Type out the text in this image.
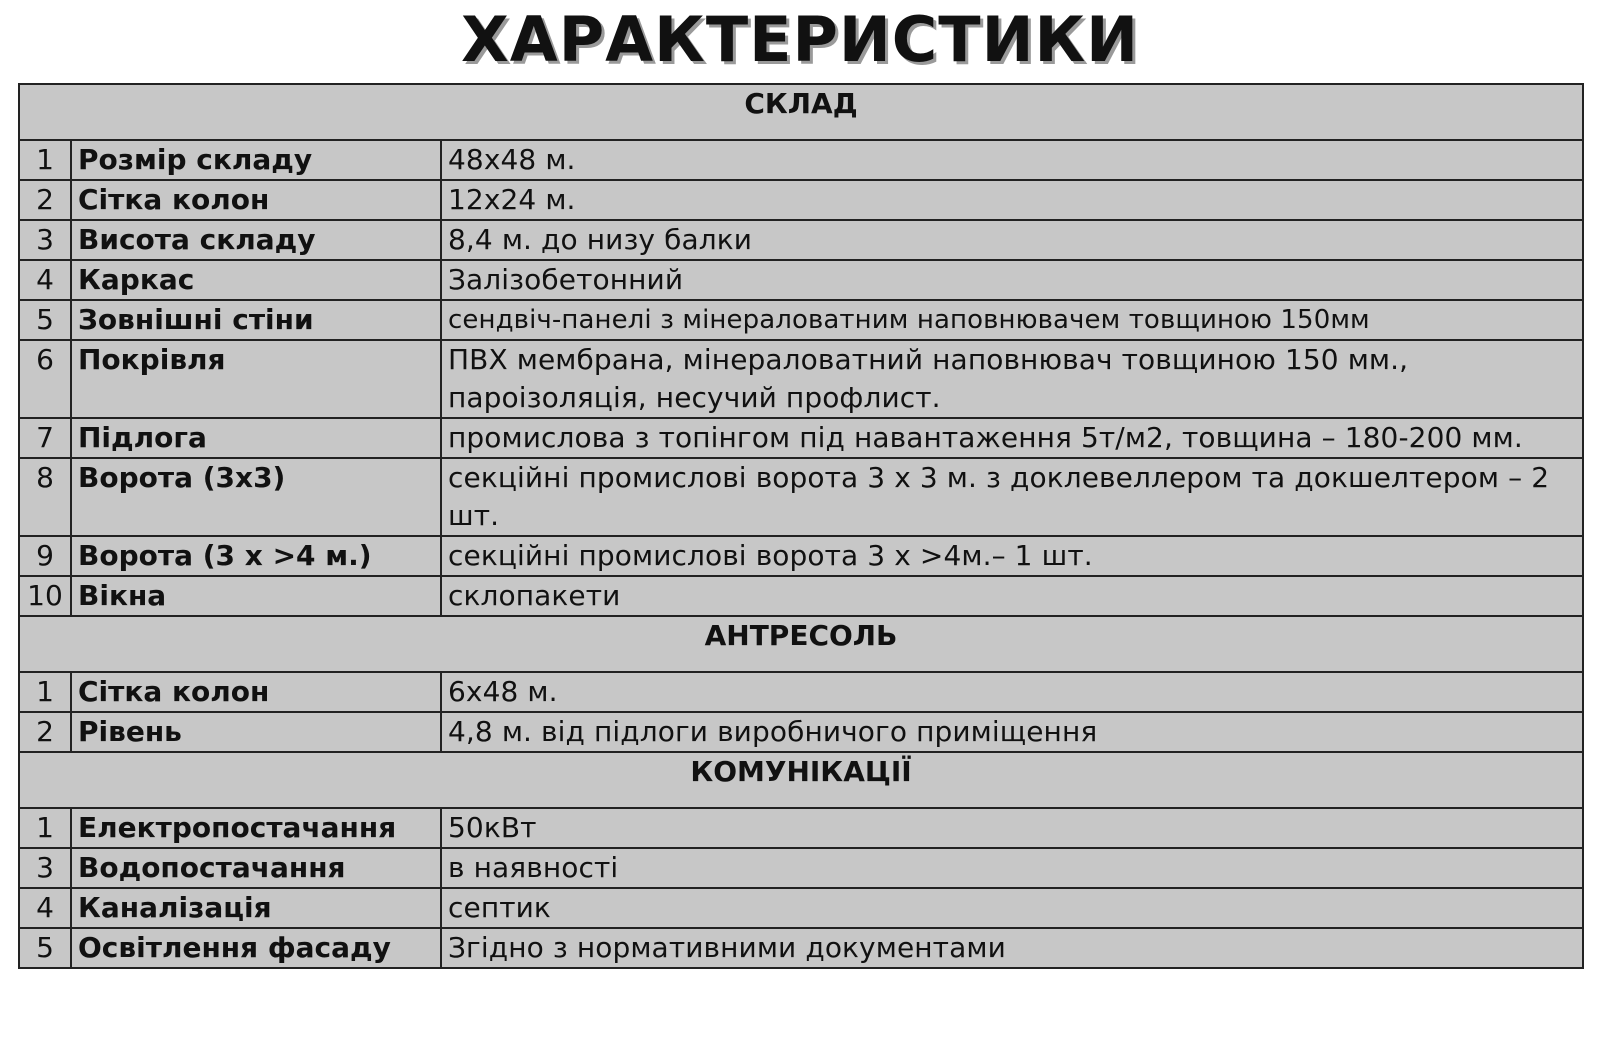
ХАРАКТЕРИСТИКИ
СКЛАД		
1	Розмір складу	48x48 м.
2	Сітка колон	12x24 м.
3	Висота складу	8,4 м. до низу балки
4	Каркас	Залізобетонний
5	Зовнішні стіни	сендвіч-панелі з мінераловатним наповнювачем товщиною 150мм
6	Покрівля	ПВХ мембрана, мінераловатний наповнювач товщиною 150 мм., пароізоляція, несучий профлист.
7	Підлога	промислова з топінгом під навантаження 5т/м2, товщина – 180-200 мм.
8	Ворота (3x3)	секційні промислові ворота 3 х 3 м. з доклевеллером та докшелтером – 2 шт.
9	Ворота (3 х >4 м.)	секційні промислові ворота 3 х >4м.– 1 шт.
10	Вікна	склопакети
АНТРЕСОЛЬ		
1	Сітка колон	6x48 м.
2	Рівень	4,8 м. від підлоги виробничого приміщення
КОМУНІКАЦІЇ		
1	Електропостачання	50кВт
3	Водопостачання	в наявності
4	Каналізація	септик
5	Освітлення фасаду	Згідно з нормативними документами
